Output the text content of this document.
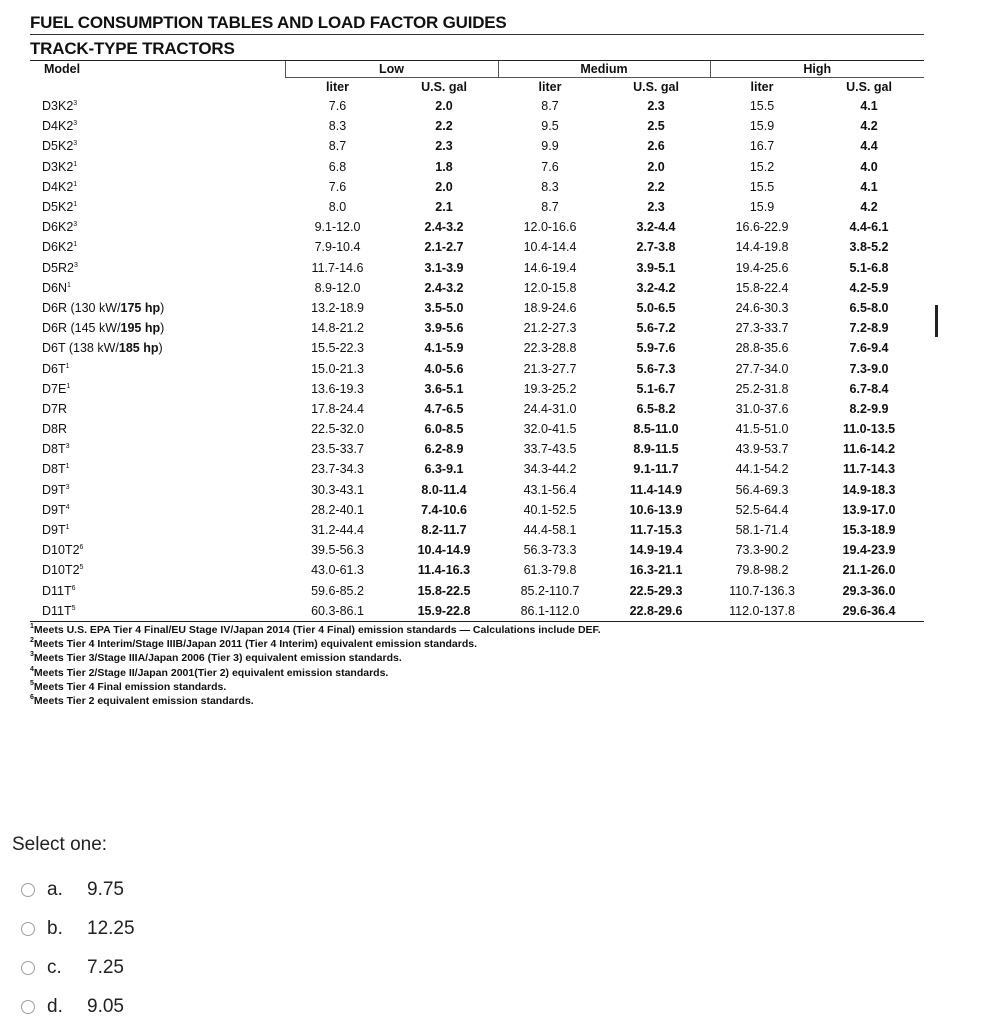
FUEL CONSUMPTION TABLES AND LOAD FACTOR GUIDES
TRACK-TYPE TRACTORS
Model	Low		Medium		High	
	liter	U.S. gal	liter	U.S. gal	liter	U.S. gal
$D3K2^3$	7.6	2.0	8.7	2.3	15.5	4.1
$D4K2^3$	8.3	2.2	9.5	2.5	15.9	4.2
$D5K2^3$	8.7	2.3	9.9	2.6	16.7	4.4
$D3K2^1$	6.8	1.8	7.6	2.0	15.2	4.0
$D4K2^1$	7.6	2.0	8.3	2.2	15.5	4.1
$D5K2^1$	8.0	2.1	8.7	2.3	15.9	4.2
$D6K2^3$	9.1-12.0	2.4-3.2	12.0-16.6	3.2-4.4	16.6-22.9	4.4-6.1
$D6K2^1$	7.9-10.4	2.1-2.7	10.4-14.4	2.7-3.8	14.4-19.8	3.8-5.2
$D5R2^3$	11.7-14.6	3.1-3.9	14.6-19.4	3.9-5.1	19.4-25.6	5.1-6.8
$D6N^1$	8.9-12.0	2.4-3.2	12.0-15.8	3.2-4.2	15.8-22.4	4.2-5.9
D6R (130 kW/175 hp)	13.2-18.9	3.5-5.0	18.9-24.6	5.0-6.5	24.6-30.3	6.5-8.0
D6R (145 kW/195 hp)	14.8-21.2	3.9-5.6	21.2-27.3	5.6-7.2	27.3-33.7	7.2-8.9
D6T (138 kW/185 hp)	15.5-22.3	4.1-5.9	22.3-28.8	5.9-7.6	28.8-35.6	7.6-9.4
$D6T^1$	15.0-21.3	4.0-5.6	21.3-27.7	5.6-7.3	27.7-34.0	7.3-9.0
$D7E^1$	13.6-19.3	3.6-5.1	19.3-25.2	5.1-6.7	25.2-31.8	6.7-8.4
D7R	17.8-24.4	4.7-6.5	24.4-31.0	6.5-8.2	31.0-37.6	8.2-9.9
D8R	22.5-32.0	6.0-8.5	32.0-41.5	8.5-11.0	41.5-51.0	11.0-13.5
$D8T^3$	23.5-33.7	6.2-8.9	33.7-43.5	8.9-11.5	43.9-53.7	11.6-14.2
$D8T^1$	23.7-34.3	6.3-9.1	34.3-44.2	9.1-11.7	44.1-54.2	11.7-14.3
$D9T^3$	30.3-43.1	8.0-11.4	43.1-56.4	11.4-14.9	56.4-69.3	14.9-18.3
$D9T^4$	28.2-40.1	7.4-10.6	40.1-52.5	10.6-13.9	52.5-64.4	13.9-17.0
$D9T^1$	31.2-44.4	8.2-11.7	44.4-58.1	11.7-15.3	58.1-71.4	15.3-18.9
$D10T2^6$	39.5-56.3	10.4-14.9	56.3-73.3	14.9-19.4	73.3-90.2	19.4-23.9
$D10T2^5$	43.0-61.3	11.4-16.3	61.3-79.8	16.3-21.1	79.8-98.2	21.1-26.0
$D11T^6$	59.6-85.2	15.8-22.5	85.2-110.7	22.5-29.3	110.7-136.3	29.3-36.0
$D11T^5$	60.3-86.1	15.9-22.8	86.1-112.0	22.8-29.6	112.0-137.8	29.6-36.4
$^1$Meets U.S. EPA Tier 4 Final/EU Stage IV/Japan 2014 (Tier 4 Final) emission standards — Calculations include DEF.
$^2$Meets Tier 4 Interim/Stage IIIB/Japan 2011 (Tier 4 Interim) equivalent emission standards.
$^3$Meets Tier 3/Stage IIIA/Japan 2006 (Tier 3) equivalent emission standards.
$^4$Meets Tier 2/Stage II/Japan 2001(Tier 2) equivalent emission standards.
$^5$Meets Tier 4 Final emission standards.
$^6$Meets Tier 2 equivalent emission standards.
Select one:
a.	9.75
b.	12.25
c.	7.25
d.	9.05
